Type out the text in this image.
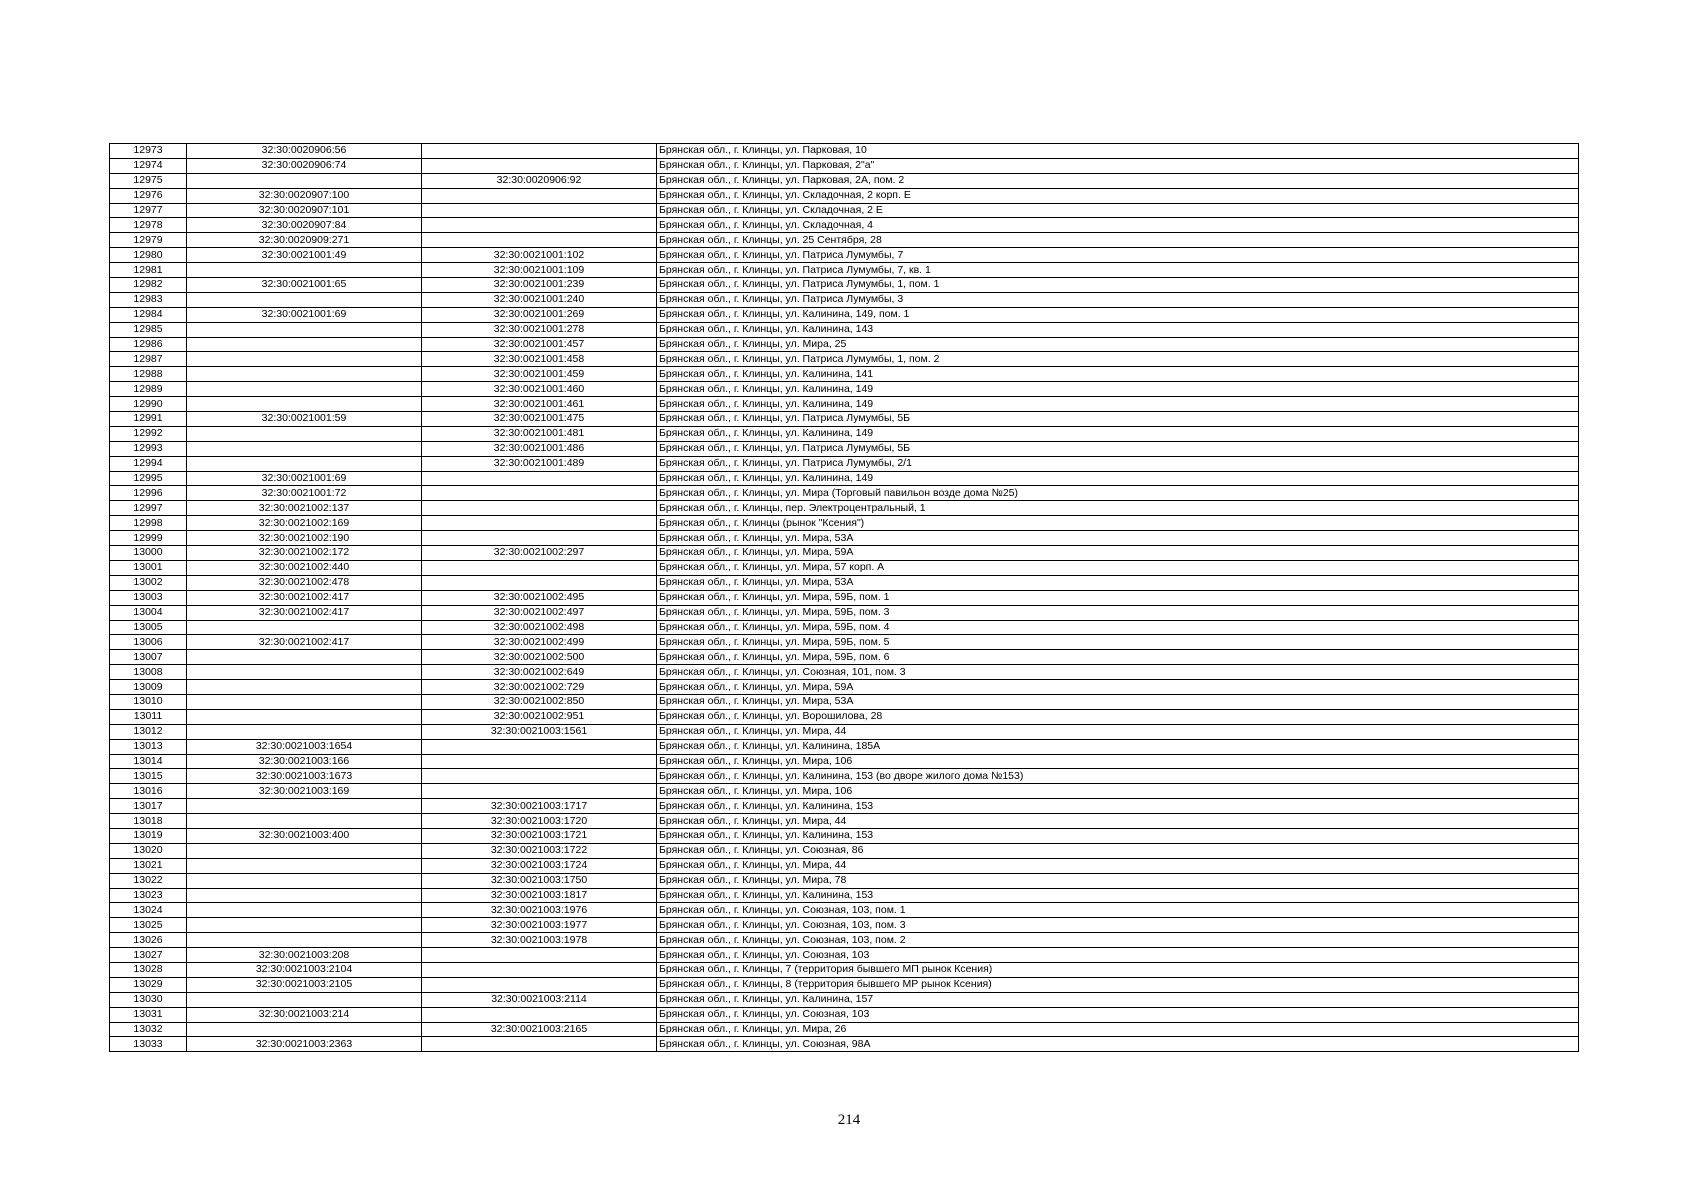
12973	32:30:0020906:56		Брянская обл., г. Клинцы, ул. Парковая, 10
12974	32:30:0020906:74		Брянская обл., г. Клинцы, ул. Парковая, 2"а"
12975		32:30:0020906:92	Брянская обл., г. Клинцы, ул. Парковая, 2А, пом. 2
12976	32:30:0020907:100		Брянская обл., г. Клинцы, ул. Складочная, 2 корп. Е
12977	32:30:0020907:101		Брянская обл., г. Клинцы, ул. Складочная, 2 Е
12978	32:30:0020907:84		Брянская обл., г. Клинцы, ул. Складочная, 4
12979	32:30:0020909:271		Брянская обл., г. Клинцы, ул. 25 Сентября, 28
12980	32:30:0021001:49	32:30:0021001:102	Брянская обл., г. Клинцы, ул. Патриса Лумумбы, 7
12981		32:30:0021001:109	Брянская обл., г. Клинцы, ул. Патриса Лумумбы, 7, кв. 1
12982	32:30:0021001:65	32:30:0021001:239	Брянская обл., г. Клинцы, ул. Патриса Лумумбы, 1, пом. 1
12983		32:30:0021001:240	Брянская обл., г. Клинцы, ул. Патриса Лумумбы, 3
12984	32:30:0021001:69	32:30:0021001:269	Брянская обл., г. Клинцы, ул. Калинина, 149, пом. 1
12985		32:30:0021001:278	Брянская обл., г. Клинцы, ул. Калинина, 143
12986		32:30:0021001:457	Брянская обл., г. Клинцы, ул. Мира, 25
12987		32:30:0021001:458	Брянская обл., г. Клинцы, ул. Патриса Лумумбы, 1, пом. 2
12988		32:30:0021001:459	Брянская обл., г. Клинцы, ул. Калинина, 141
12989		32:30:0021001:460	Брянская обл., г. Клинцы, ул. Калинина, 149
12990		32:30:0021001:461	Брянская обл., г. Клинцы, ул. Калинина, 149
12991	32:30:0021001:59	32:30:0021001:475	Брянская обл., г. Клинцы, ул. Патриса Лумумбы, 5Б
12992		32:30:0021001:481	Брянская обл., г. Клинцы, ул. Калинина, 149
12993		32:30:0021001:486	Брянская обл., г. Клинцы, ул. Патриса Лумумбы, 5Б
12994		32:30:0021001:489	Брянская обл., г. Клинцы, ул. Патриса Лумумбы, 2/1
12995	32:30:0021001:69		Брянская обл., г. Клинцы, ул. Калинина, 149
12996	32:30:0021001:72		Брянская обл., г. Клинцы, ул. Мира (Торговый павильон возде дома №25)
12997	32:30:0021002:137		Брянская обл., г. Клинцы, пер. Электроцентральный, 1
12998	32:30:0021002:169		Брянская обл., г. Клинцы (рынок "Ксения")
12999	32:30:0021002:190		Брянская обл., г. Клинцы, ул. Мира, 53А
13000	32:30:0021002:172	32:30:0021002:297	Брянская обл., г. Клинцы, ул. Мира, 59А
13001	32:30:0021002:440		Брянская обл., г. Клинцы, ул. Мира, 57 корп. А
13002	32:30:0021002:478		Брянская обл., г. Клинцы, ул. Мира, 53А
13003	32:30:0021002:417	32:30:0021002:495	Брянская обл., г. Клинцы, ул. Мира, 59Б, пом. 1
13004	32:30:0021002:417	32:30:0021002:497	Брянская обл., г. Клинцы, ул. Мира, 59Б, пом. 3
13005		32:30:0021002:498	Брянская обл., г. Клинцы, ул. Мира, 59Б, пом. 4
13006	32:30:0021002:417	32:30:0021002:499	Брянская обл., г. Клинцы, ул. Мира, 59Б, пом. 5
13007		32:30:0021002:500	Брянская обл., г. Клинцы, ул. Мира, 59Б, пом. 6
13008		32:30:0021002:649	Брянская обл., г. Клинцы, ул. Союзная, 101, пом. 3
13009		32:30:0021002:729	Брянская обл., г. Клинцы, ул. Мира, 59А
13010		32:30:0021002:850	Брянская обл., г. Клинцы, ул. Мира, 53А
13011		32:30:0021002:951	Брянская обл., г. Клинцы, ул. Ворошилова, 28
13012		32:30:0021003:1561	Брянская обл., г. Клинцы, ул. Мира, 44
13013	32:30:0021003:1654		Брянская обл., г. Клинцы, ул. Калинина, 185А
13014	32:30:0021003:166		Брянская обл., г. Клинцы, ул. Мира, 106
13015	32:30:0021003:1673		Брянская обл., г. Клинцы, ул. Калинина, 153 (во дворе жилого дома №153)
13016	32:30:0021003:169		Брянская обл., г. Клинцы, ул. Мира, 106
13017		32:30:0021003:1717	Брянская обл., г. Клинцы, ул. Калинина, 153
13018		32:30:0021003:1720	Брянская обл., г. Клинцы, ул. Мира, 44
13019	32:30:0021003:400	32:30:0021003:1721	Брянская обл., г. Клинцы, ул. Калинина, 153
13020		32:30:0021003:1722	Брянская обл., г. Клинцы, ул. Союзная, 86
13021		32:30:0021003:1724	Брянская обл., г. Клинцы, ул. Мира, 44
13022		32:30:0021003:1750	Брянская обл., г. Клинцы, ул. Мира, 78
13023		32:30:0021003:1817	Брянская обл., г. Клинцы, ул. Калинина, 153
13024		32:30:0021003:1976	Брянская обл., г. Клинцы, ул. Союзная, 103, пом. 1
13025		32:30:0021003:1977	Брянская обл., г. Клинцы, ул. Союзная, 103, пом. 3
13026		32:30:0021003:1978	Брянская обл., г. Клинцы, ул. Союзная, 103, пом. 2
13027	32:30:0021003:208		Брянская обл., г. Клинцы, ул. Союзная, 103
13028	32:30:0021003:2104		Брянская обл., г. Клинцы, 7 (территория бывшего МП рынок Ксения)
13029	32:30:0021003:2105		Брянская обл., г. Клинцы, 8 (территория бывшего МР рынок Ксения)
13030		32:30:0021003:2114	Брянская обл., г. Клинцы, ул. Калинина, 157
13031	32:30:0021003:214		Брянская обл., г. Клинцы, ул. Союзная, 103
13032		32:30:0021003:2165	Брянская обл., г. Клинцы, ул. Мира, 26
13033	32:30:0021003:2363		Брянская обл., г. Клинцы, ул. Союзная, 98А
214
